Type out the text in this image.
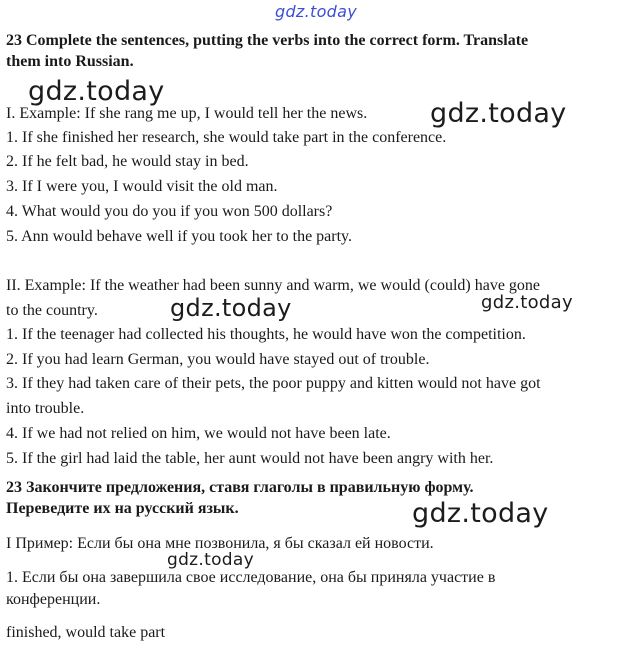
gdz.today
gdz.today
gdz.today
gdz.today	gdz.today
gdz.today
gdz.today
23 Complete the sentences, putting the verbs into the correct form. Translate
them into Russian.
I. Example: If she rang me up, I would tell her the news.
1. If she finished her research, she would take part in the conference.
2. If he felt bad, he would stay in bed.
3. If I were you, I would visit the old man.
4. What would you do you if you won 500 dollars?
5. Ann would behave well if you took her to the party.
II. Example: If the weather had been sunny and warm, we would (could) have gone
to the country.
1. If the teenager had collected his thoughts, he would have won the competition.
2. If you had learn German, you would have stayed out of trouble.
3. If they had taken care of their pets, the poor puppy and kitten would not have got
into trouble.
4. If we had not relied on him, we would not have been late.
5. If the girl had laid the table, her aunt would not have been angry with her.
23 Закончите предложения, ставя глаголы в правильную форму.
Переведите их на русский язык.
I Пример: Если бы она мне позвонила, я бы сказал ей новости.
1. Если бы она завершила свое исследование, она бы приняла участие в
конференции.
finished, would take part
